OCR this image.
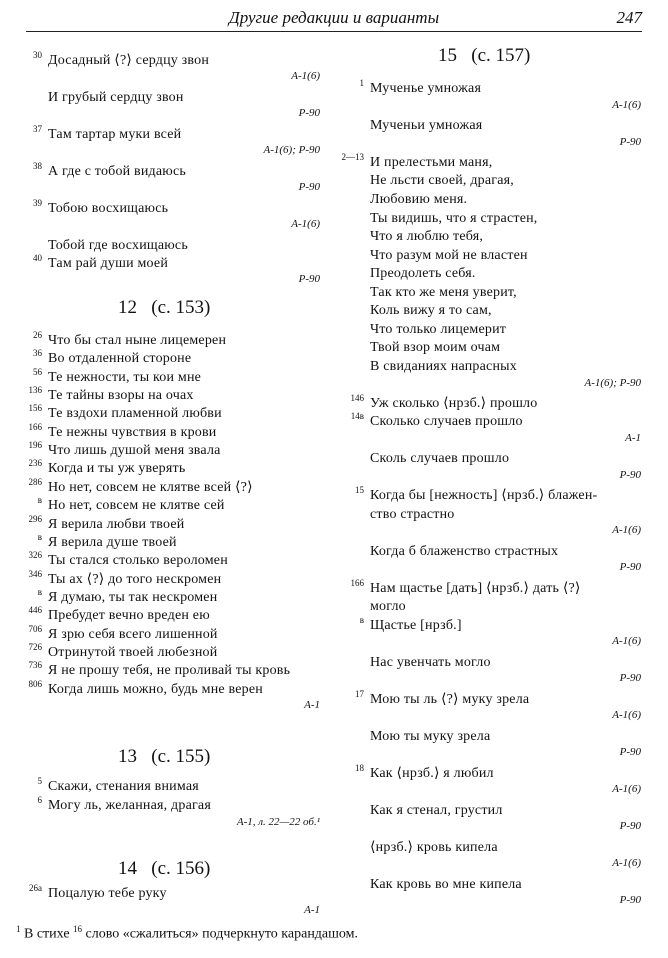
Другие редакции и варианты	247
30 Досадный ⟨?⟩ сердцу звон
А-1(6)
И грубый сердцу звон
Р-90
37 Там тартар муки всей
А-1(6); Р-90
38 А где с тобой видаюсь
Р-90
39 Тобою восхищаюсь
А-1(6)
Тобой где восхищаюсь
40 Там рай души моей
Р-90
12   (с. 153)
26 Что бы стал ныне лицемерен
36 Во отдаленной стороне
56 Те нежности, ты кои мне
136 Те тайны взоры на очах
156 Те вздохи пламенной любви
166 Те нежны чувствия в крови
196 Что лишь душой меня звала
236 Когда и ты уж уверять
286 Но нет, совсем не клятве всей ⟨?⟩
в Но нет, совсем не клятве сей
296 Я верила любви твоей
в Я верила душе твоей
326 Ты стался столько вероломен
346 Ты ах ⟨?⟩ до того нескромен
в Я думаю, ты так нескромен
446 Пребудет вечно вреден ею
706 Я зрю себя всего лишенной
726 Отринутой твоей любезной
736 Я не прошу тебя, не проливай ты кровь
806 Когда лишь можно, будь мне верен
А-1
13   (с. 155)
5 Скажи, стенания внимая
6 Могу ль, желанная, драгая
А-1, л. 22—22 об.¹
14   (с. 156)
26а Поцалую тебе руку
А-1
15   (с. 157)
1 Мученье умножая
А-1(6)
Мученьи умножая
Р-90
2—13 И прелестьми маня,
Не льсти своей, драгая,
Любовию меня.
Ты видишь, что я страстен,
Что я люблю тебя,
Что разум мой не властен
Преодолеть себя.
Так кто же меня уверит,
Коль вижу я то сам,
Что только лицемерит
Твой взор моим очам
В свиданиях напрасных
А-1(6); Р-90
146 Уж сколько ⟨нрзб.⟩ прошло
14в Сколько случаев прошло
А-1
Сколь случаев прошло
Р-90
15 Когда бы [нежность] ⟨нрзб.⟩ блажен-
ство страстно
А-1(6)
Когда б блаженство страстных
Р-90
166 Нам щастье [дать] ⟨нрзб.⟩ дать ⟨?⟩
могло
в Щастье [нрзб.]
А-1(6)
Нас увенчать могло
Р-90
17 Мою ты ль ⟨?⟩ муку зрела
А-1(6)
Мою ты муку зрела
Р-90
18 Как ⟨нрзб.⟩ я любил
А-1(6)
Как я стенал, грустил
Р-90
⟨нрзб.⟩ кровь кипела
А-1(6)
Как кровь во мне кипела
Р-90
$^1$ В стихе $^{16}$ слово «сжалиться» подчеркнуто карандашом.
